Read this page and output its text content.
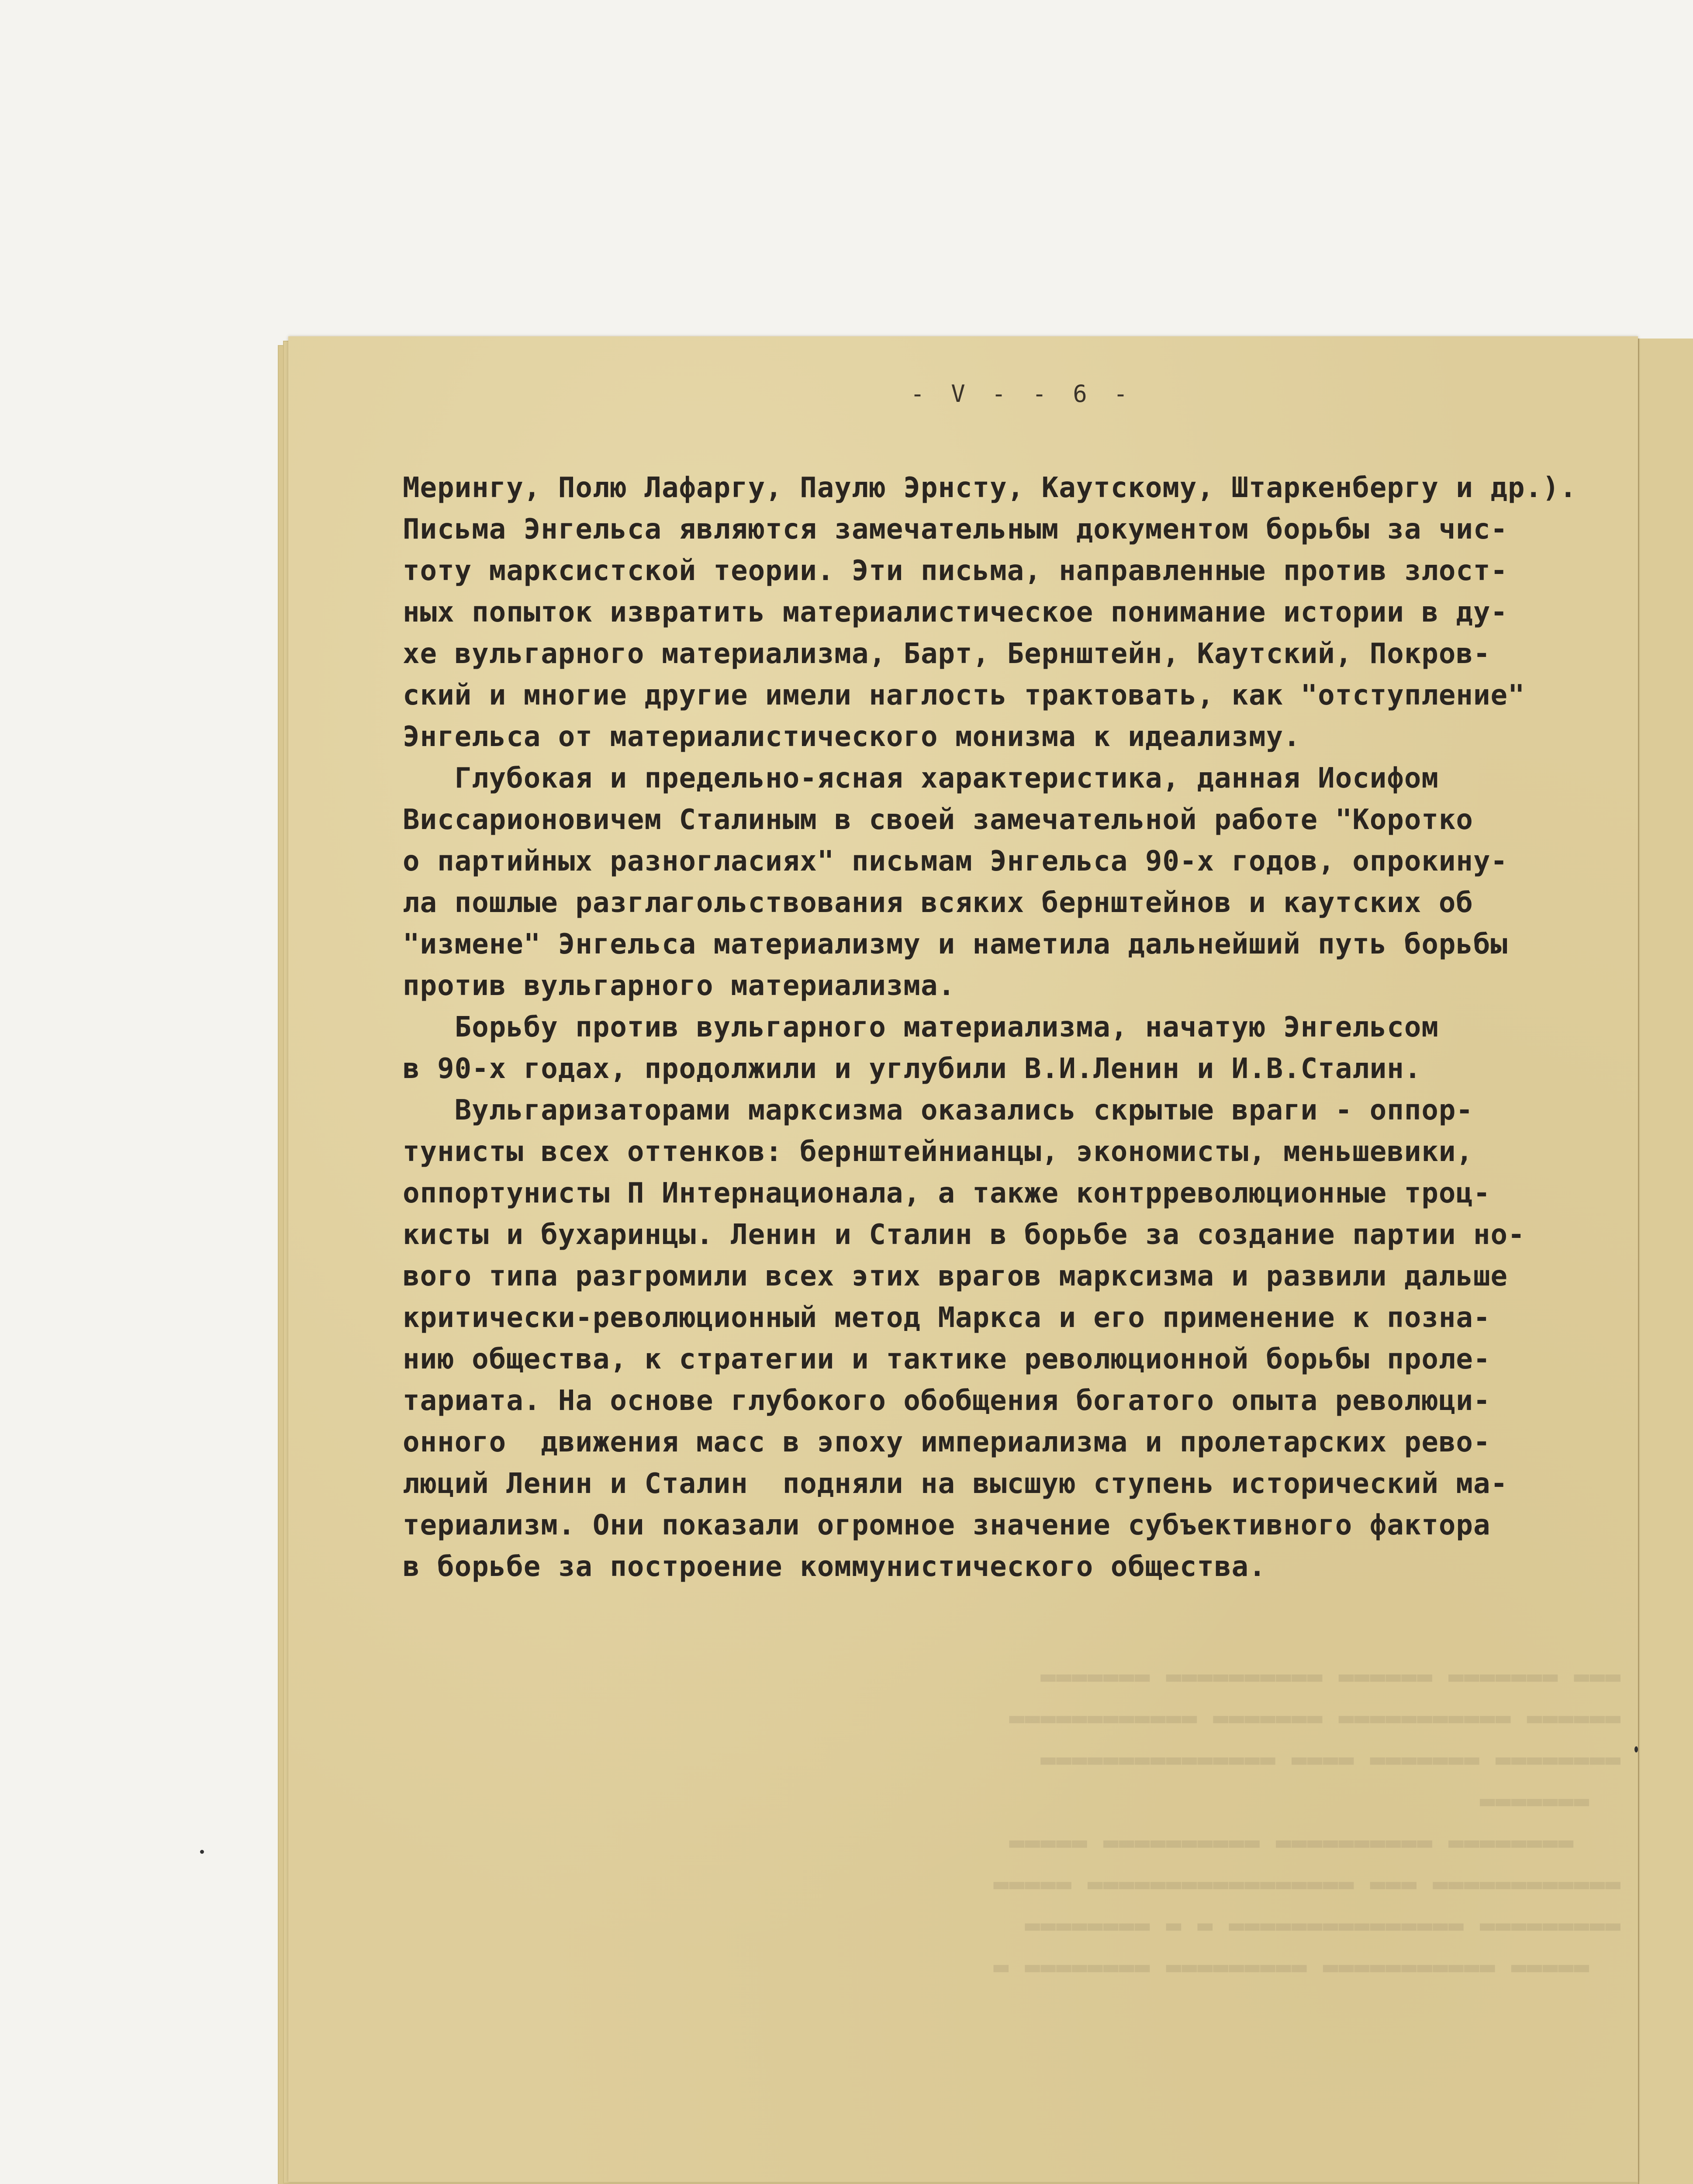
- V - - 6 -
Мерингу, Полю Лафаргу, Паулю Эрнсту, Каутскому, Штаркенбергу и др.).
Письма Энгельса являются замечательным документом борьбы за чис-
тоту марксистской теории. Эти письма, направленные против злост-
ных попыток извратить материалистическое понимание истории в ду-
хе вульгарного материализма, Барт, Бернштейн, Каутский, Покров-
ский и многие другие имели наглость трактовать, как "отступление"
Энгельса от материалистического монизма к идеализму.
Глубокая и предельно-ясная характеристика, данная Иосифом
Виссарионовичем Сталиным в своей замечательной работе "Коротко
о партийных разногласиях" письмам Энгельса 90-х годов, опрокину-
ла пошлые разглагольствования всяких бернштейнов и каутских об
"измене" Энгельса материализму и наметила дальнейший путь борьбы
против вульгарного материализма.
Борьбу против вульгарного материализма, начатую Энгельсом
в 90-х годах, продолжили и углубили В.И.Ленин и И.В.Сталин.
Вульгаризаторами марксизма оказались скрытые враги - оппор-
тунисты всех оттенков: бернштейнианцы, экономисты, меньшевики,
оппортунисты П Интернационала, а также контрреволюционные троц-
кисты и бухаринцы. Ленин и Сталин в борьбе за создание партии но-
вого типа разгромили всех этих врагов марксизма и развили дальше
критически-революционный метод Маркса и его применение к позна-
нию общества, к стратегии и тактике революционной борьбы проле-
тариата. На основе глубокого обобщения богатого опыта революци-
онного  движения масс в эпоху империализма и пролетарских рево-
люций Ленин и Сталин  подняли на высшую ступень исторический ма-
териализм. Они показали огромное значение субъективного фактора
в борьбе за построение коммунистического общества.
▬▬▬ ▬▬▬▬▬▬▬ ▬▬▬▬▬▬ ▬▬▬▬▬▬▬▬▬▬ ▬▬▬▬▬▬▬
▬▬▬▬▬▬ ▬▬▬▬▬▬▬▬▬▬▬ ▬▬▬▬▬▬▬ ▬▬▬▬▬▬▬▬▬▬▬▬
▬▬▬▬▬▬▬▬ ▬▬▬▬▬▬▬ ▬▬▬▬ ▬▬▬▬▬▬▬▬▬▬▬▬▬▬▬
▬▬▬▬▬▬▬
▬▬▬▬▬▬▬▬ ▬▬▬▬▬▬▬▬▬▬ ▬▬▬▬▬▬▬▬▬▬ ▬▬▬▬▬
▬▬▬▬▬▬▬▬▬▬▬▬ ▬▬▬ ▬▬▬▬▬▬▬▬▬▬▬▬▬▬▬▬▬ ▬▬▬▬▬
▬▬▬▬▬▬▬▬▬ ▬▬▬▬▬▬▬▬▬▬▬▬▬▬▬ ▬ ▬ ▬▬▬▬▬▬▬▬
▬▬▬▬▬ ▬▬▬▬▬▬▬▬▬▬▬ ▬▬▬▬▬▬▬▬▬ ▬▬▬▬▬▬▬▬ ▬
